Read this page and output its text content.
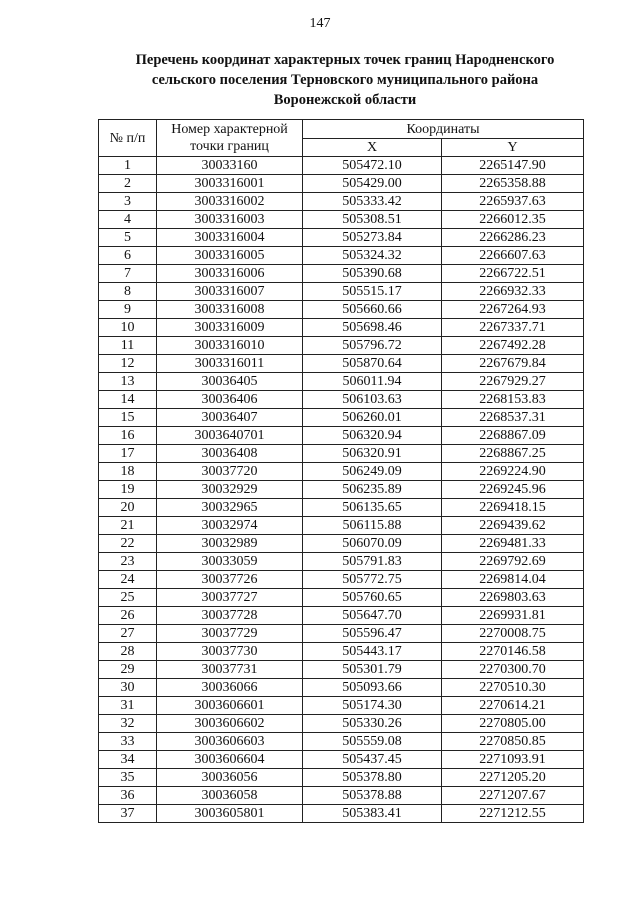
147
Перечень координат характерных точек границ Народненского сельского поселения Терновского муниципального района Воронежской области
№ п/п	Номер характерной точки границ	Координаты	
		X	Y
1	30033160	505472.10	2265147.90
2	3003316001	505429.00	2265358.88
3	3003316002	505333.42	2265937.63
4	3003316003	505308.51	2266012.35
5	3003316004	505273.84	2266286.23
6	3003316005	505324.32	2266607.63
7	3003316006	505390.68	2266722.51
8	3003316007	505515.17	2266932.33
9	3003316008	505660.66	2267264.93
10	3003316009	505698.46	2267337.71
11	3003316010	505796.72	2267492.28
12	3003316011	505870.64	2267679.84
13	30036405	506011.94	2267929.27
14	30036406	506103.63	2268153.83
15	30036407	506260.01	2268537.31
16	3003640701	506320.94	2268867.09
17	30036408	506320.91	2268867.25
18	30037720	506249.09	2269224.90
19	30032929	506235.89	2269245.96
20	30032965	506135.65	2269418.15
21	30032974	506115.88	2269439.62
22	30032989	506070.09	2269481.33
23	30033059	505791.83	2269792.69
24	30037726	505772.75	2269814.04
25	30037727	505760.65	2269803.63
26	30037728	505647.70	2269931.81
27	30037729	505596.47	2270008.75
28	30037730	505443.17	2270146.58
29	30037731	505301.79	2270300.70
30	30036066	505093.66	2270510.30
31	3003606601	505174.30	2270614.21
32	3003606602	505330.26	2270805.00
33	3003606603	505559.08	2270850.85
34	3003606604	505437.45	2271093.91
35	30036056	505378.80	2271205.20
36	30036058	505378.88	2271207.67
37	3003605801	505383.41	2271212.55
